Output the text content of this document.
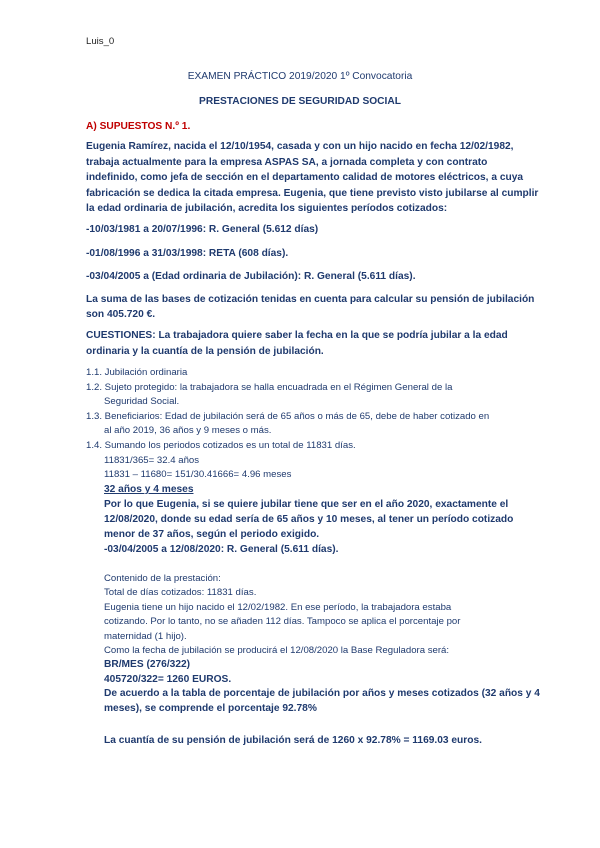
Luis_0
EXAMEN PRÁCTICO 2019/2020 1º Convocatoria
PRESTACIONES DE SEGURIDAD SOCIAL
A) SUPUESTOS N.º 1.
Eugenia Ramírez, nacida el 12/10/1954, casada y con un hijo nacido en fecha 12/02/1982,
trabaja actualmente para la empresa ASPAS SA, a jornada completa y con contrato
indefinido, como jefa de sección en el departamento calidad de motores eléctricos, a cuya
fabricación se dedica la citada empresa. Eugenia, que tiene previsto visto jubilarse al cumplir
la edad ordinaria de jubilación, acredita los siguientes períodos cotizados:
-10/03/1981 a 20/07/1996: R. General (5.612 días)
-01/08/1996 a 31/03/1998: RETA (608 días).
-03/04/2005 a (Edad ordinaria de Jubilación): R. General (5.611 días).
La suma de las bases de cotización tenidas en cuenta para calcular su pensión de jubilación
son 405.720 €.
CUESTIONES: La trabajadora quiere saber la fecha en la que se podría jubilar a la edad
ordinaria y la cuantía de la pensión de jubilación.
1.1. Jubilación ordinaria
1.2. Sujeto protegido: la trabajadora se halla encuadrada en el Régimen General de la
Seguridad Social.
1.3. Beneficiarios: Edad de jubilación será de 65 años o más de 65, debe de haber cotizado en
al año 2019, 36 años y 9 meses o más.
1.4. Sumando los periodos cotizados es un total de 11831 días.
11831/365= 32.4 años
11831 – 11680= 151/30.41666= 4.96 meses
32 años y 4 meses
Por lo que Eugenia, si se quiere jubilar tiene que ser en el año 2020, exactamente el
12/08/2020, donde su edad sería de 65 años y 10 meses, al tener un período cotizado
menor de 37 años, según el periodo exigido.
-03/04/2005 a 12/08/2020: R. General (5.611 días).
Contenido de la prestación:
Total de días cotizados: 11831 días.
Eugenia tiene un hijo nacido el 12/02/1982. En ese período, la trabajadora estaba
cotizando. Por lo tanto, no se añaden 112 días. Tampoco se aplica el porcentaje por
maternidad (1 hijo).
Como la fecha de jubilación se producirá el 12/08/2020 la Base Reguladora será:
BR/MES (276/322)
405720/322= 1260 EUROS.
De acuerdo a la tabla de porcentaje de jubilación por años y meses cotizados (32 años y 4
meses), se comprende el porcentaje 92.78%
La cuantía de su pensión de jubilación será de 1260 x 92.78% = 1169.03 euros.
